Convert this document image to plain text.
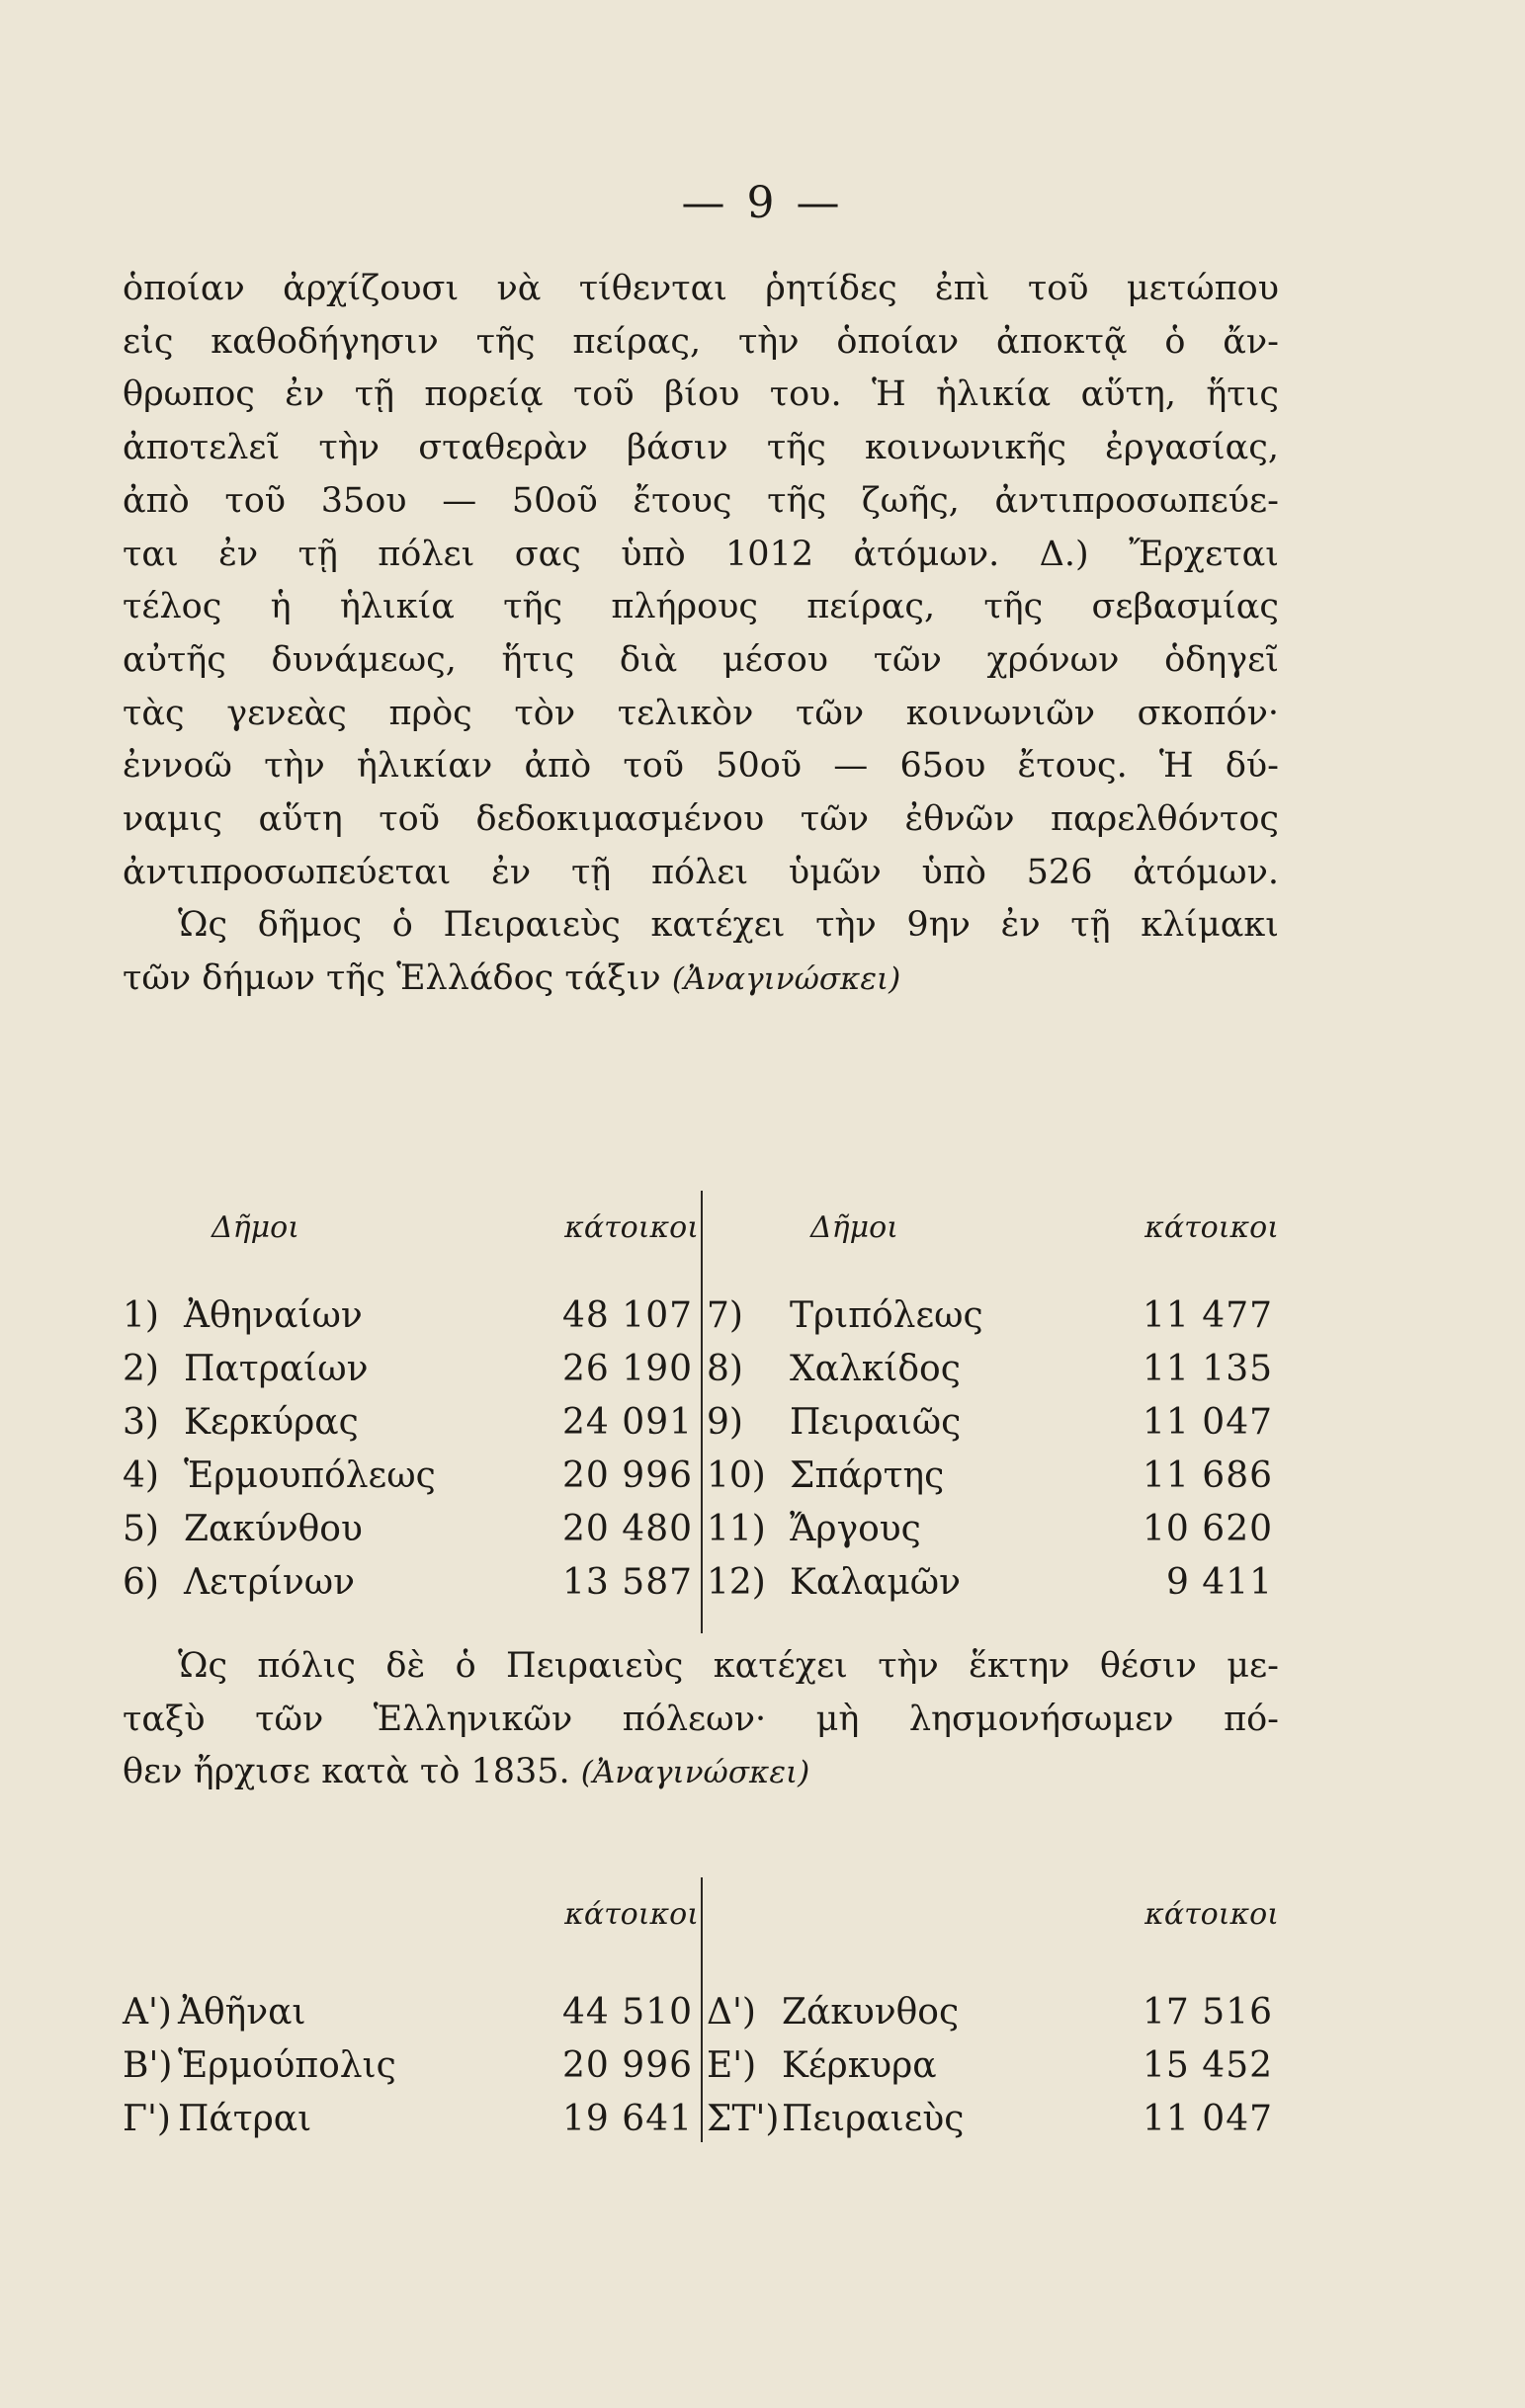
— 9 —
ὁποίαν ἀρχίζουσι νὰ τίθενται ῥητίδες ἐπὶ τοῦ μετώπου
εἰς καθοδήγησιν τῆς πείρας, τὴν ὁποίαν ἀποκτᾷ ὁ ἄν-
θρωπος ἐν τῇ πορείᾳ τοῦ βίου του. Ἡ ἡλικία αὕτη, ἥτις
ἀποτελεῖ τὴν σταθερὰν βάσιν τῆς κοινωνικῆς ἐργασίας,
ἀπὸ τοῦ 35ου — 50οῦ ἔτους τῆς ζωῆς, ἀντιπροσωπεύε-
ται ἐν τῇ πόλει σας ὑπὸ 1012 ἀτόμων. Δ.) Ἔρχεται
τέλος ἡ ἡλικία τῆς πλήρους πείρας, τῆς σεβασμίας
αὐτῆς δυνάμεως, ἥτις διὰ μέσου τῶν χρόνων ὁδηγεῖ
τὰς γενεὰς πρὸς τὸν τελικὸν τῶν κοινωνιῶν σκοπόν·
ἐννοῶ τὴν ἡλικίαν ἀπὸ τοῦ 50οῦ — 65ου ἔτους. Ἡ δύ-
ναμις αὕτη τοῦ δεδοκιμασμένου τῶν ἐθνῶν παρελθόντος
ἀντιπροσωπεύεται ἐν τῇ πόλει ὑμῶν ὑπὸ 526 ἀτόμων.
Ὡς δῆμος ὁ Πειραιεὺς κατέχει τὴν 9ην ἐν τῇ κλίμακι
τῶν δήμων τῆς Ἑλλάδος τάξιν (Ἀναγινώσκει)
Δῆμοι	κάτοικοι
1) Ἀθηναίων	48 107
2) Πατραίων	26 190
3) Κερκύρας	24 091
4) Ἑρμουπόλεως	20 996
5) Ζακύνθου	20 480
6) Λετρίνων	13 587
Δῆμοι	κάτοικοι
7) Τριπόλεως	11 477
8) Χαλκίδος	11 135
9) Πειραιῶς	11 047
10) Σπάρτης	11 686
11) Ἄργους	10 620
12) Καλαμῶν	9 411
Ὡς πόλις δὲ ὁ Πειραιεὺς κατέχει τὴν ἕκτην θέσιν με-
ταξὺ τῶν Ἑλληνικῶν πόλεων· μὴ λησμονήσωμεν πό-
θεν ἤρχισε κατὰ τὸ 1835. (Ἀναγινώσκει)
κάτοικοι
Α') Ἀθῆναι	44 510
Β') Ἑρμούπολις	20 996
Γ') Πάτραι	19 641
κάτοικοι
Δ') Ζάκυνθος	17 516
Ε') Κέρκυρα	15 452
ΣΤ') Πειραιεὺς	11 047
